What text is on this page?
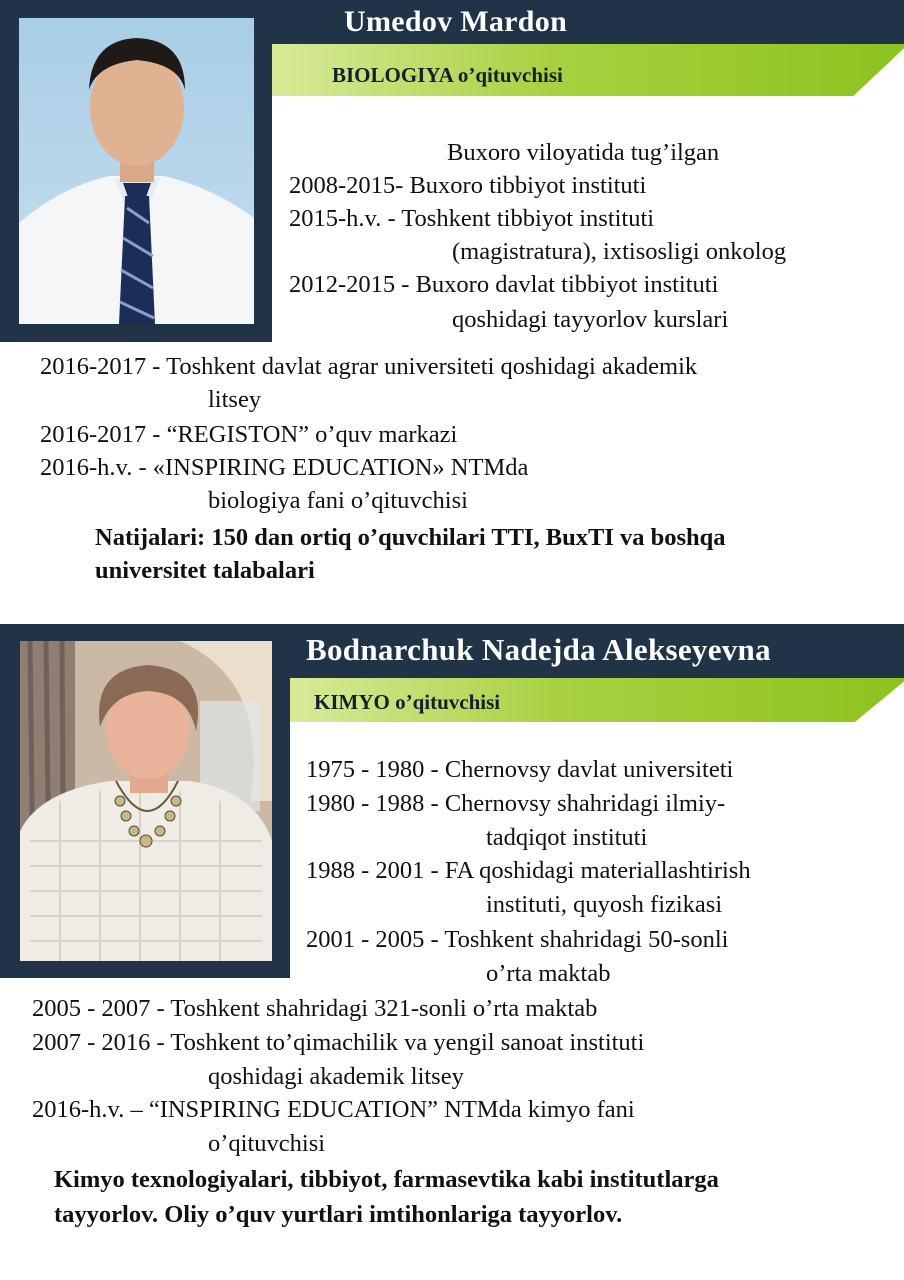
Umedov Mardon
BIOLOGIYA o’qituvchisi
Buxoro viloyatida tug’ilgan
2008-2015- Buxoro tibbiyot instituti
2015-h.v. - Toshkent tibbiyot instituti
(magistratura), ixtisosligi onkolog
2012-2015 - Buxoro davlat tibbiyot instituti
qoshidagi tayyorlov kurslari
2016-2017 - Toshkent davlat agrar universiteti qoshidagi akademik
litsey
2016-2017 - “REGISTON” o’quv markazi
2016-h.v. - «INSPIRING EDUCATION» NTMda
biologiya fani o’qituvchisi
Natijalari: 150 dan ortiq o’quvchilari TTI, BuxTI va boshqa
universitet talabalari
Bodnarchuk Nadejda Alekseyevna
KIMYO o’qituvchisi
1975 - 1980 - Chernovsy davlat universiteti
1980 - 1988 - Chernovsy shahridagi ilmiy-
tadqiqot instituti
1988 - 2001 - FA qoshidagi materiallashtirish
instituti, quyosh fizikasi
2001 - 2005 - Toshkent shahridagi 50-sonli
o’rta maktab
2005 - 2007 - Toshkent shahridagi 321-sonli o’rta maktab
2007 - 2016 - Toshkent to’qimachilik va yengil sanoat instituti
qoshidagi akademik litsey
2016-h.v. – “INSPIRING EDUCATION” NTMda kimyo fani
o’qituvchisi
Kimyo texnologiyalari, tibbiyot, farmasevtika kabi institutlarga
tayyorlov. Oliy o’quv yurtlari imtihonlariga tayyorlov.
